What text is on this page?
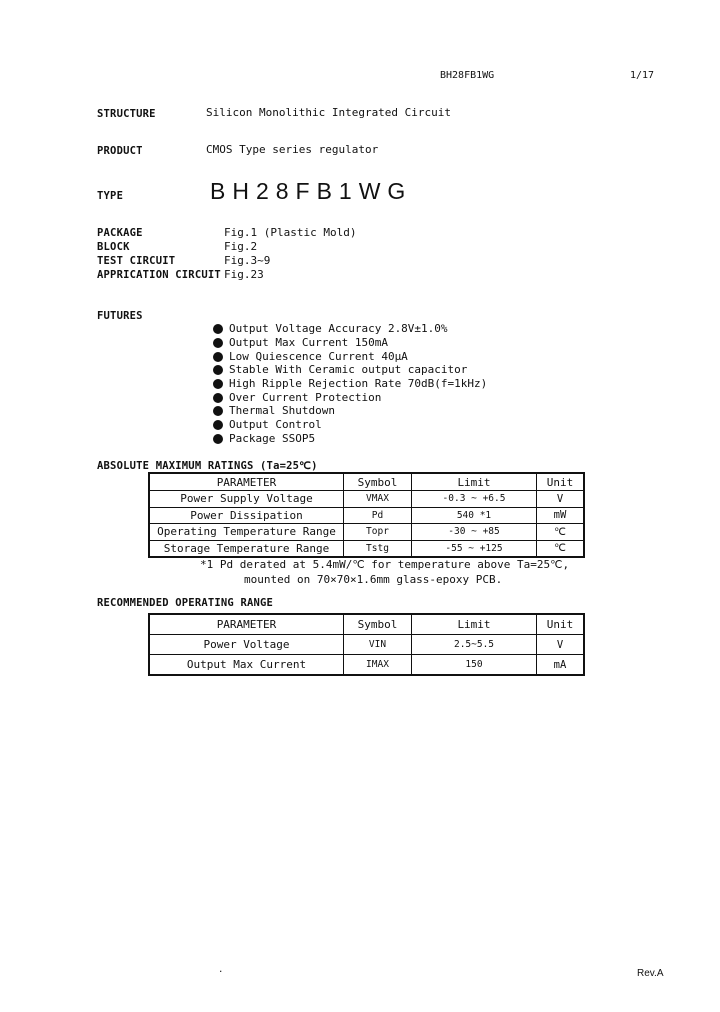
BH28FB1WG	1/17
STRUCTURE	Silicon Monolithic Integrated Circuit
PRODUCT	CMOS Type series regulator
TYPE	BH28FB1WG
PACKAGE	Fig.1 (Plastic Mold)
BLOCK	Fig.2
TEST CIRCUIT	Fig.3~9
APPRICATION CIRCUIT Fig.23
FUTURES
Output Voltage Accuracy 2.8V±1.0%
Output Max Current 150mA
Low Quiescence Current 40μA
Stable With Ceramic output capacitor
High Ripple Rejection Rate 70dB(f=1kHz)
Over Current Protection
Thermal Shutdown
Output Control
Package SSOP5
ABSOLUTE MAXIMUM RATINGS (Ta=25℃)
PARAMETER	Symbol	Limit	Unit
Power Supply Voltage	VMAX	-0.3 ~ +6.5	V
Power Dissipation	Pd	540 *1	mW
Operating Temperature Range	Topr	-30 ~ +85	℃
Storage Temperature Range	Tstg	-55 ~ +125	℃
*1 Pd derated at 5.4mW/℃ for temperature above Ta=25℃,
mounted on 70×70×1.6mm glass-epoxy PCB.
RECOMMENDED OPERATING RANGE
PARAMETER	Symbol	Limit	Unit
Power Voltage	VIN	2.5~5.5	V
Output Max Current	IMAX	150	mA
.	Rev.A
